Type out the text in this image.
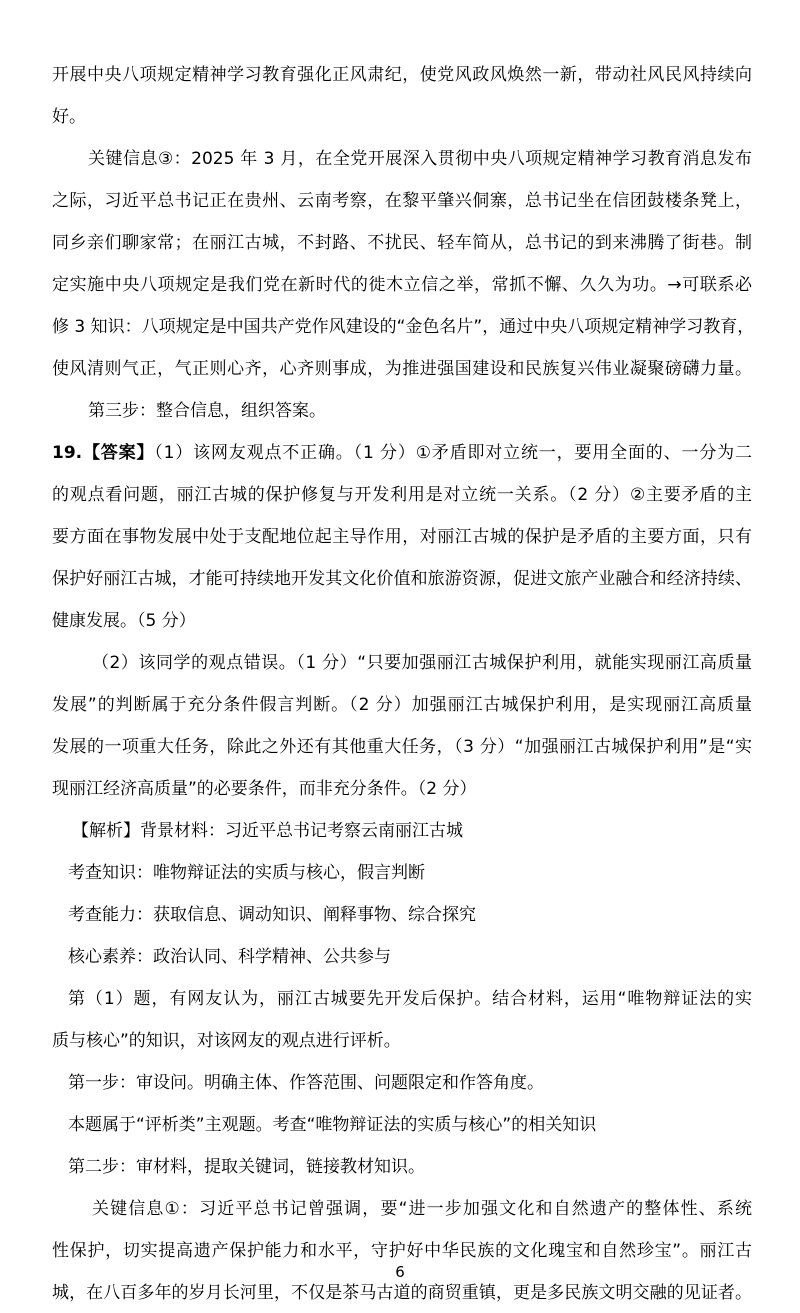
开展中央八项规定精神学习教育强化正风肃纪，使党风政风焕然一新，带动社风民风持续向
好。
关键信息③：2025 年 3 月，在全党开展深入贯彻中央八项规定精神学习教育消息发布
之际，习近平总书记正在贵州、云南考察，在黎平肇兴侗寨，总书记坐在信团鼓楼条凳上，
同乡亲们聊家常；在丽江古城，不封路、不扰民、轻车简从，总书记的到来沸腾了街巷。制
定实施中央八项规定是我们党在新时代的徙木立信之举，常抓不懈、久久为功。→可联系必
修 3 知识：八项规定是中国共产党作风建设的“金色名片”，通过中央八项规定精神学习教育，
使风清则气正，气正则心齐，心齐则事成，为推进强国建设和民族复兴伟业凝聚磅礴力量。
第三步：整合信息，组织答案。
19.【答案】（1）该网友观点不正确。（1 分）①矛盾即对立统一，要用全面的、一分为二
的观点看问题，丽江古城的保护修复与开发利用是对立统一关系。（2 分）②主要矛盾的主
要方面在事物发展中处于支配地位起主导作用，对丽江古城的保护是矛盾的主要方面，只有
保护好丽江古城，才能可持续地开发其文化价值和旅游资源，促进文旅产业融合和经济持续、
健康发展。（5 分）
（2）该同学的观点错误。（1 分）“只要加强丽江古城保护利用，就能实现丽江高质量
发展”的判断属于充分条件假言判断。（2 分）加强丽江古城保护利用，是实现丽江高质量
发展的一项重大任务，除此之外还有其他重大任务，（3 分）“加强丽江古城保护利用”是“实
现丽江经济高质量”的必要条件，而非充分条件。（2 分）
【解析】背景材料：习近平总书记考察云南丽江古城
考查知识：唯物辩证法的实质与核心，假言判断
考查能力：获取信息、调动知识、阐释事物、综合探究
核心素养：政治认同、科学精神、公共参与
第（1）题，有网友认为，丽江古城要先开发后保护。结合材料，运用“唯物辩证法的实
质与核心”的知识，对该网友的观点进行评析。
第一步：审设问。明确主体、作答范围、问题限定和作答角度。
本题属于“评析类”主观题。考查“唯物辩证法的实质与核心”的相关知识
第二步：审材料，提取关键词，链接教材知识。
关键信息①：习近平总书记曾强调，要“进一步加强文化和自然遗产的整体性、系统
性保护，切实提高遗产保护能力和水平，守护好中华民族的文化瑰宝和自然珍宝”。丽江古
城，在八百多年的岁月长河里，不仅是茶马古道的商贸重镇，更是多民族文明交融的见证者。
6
